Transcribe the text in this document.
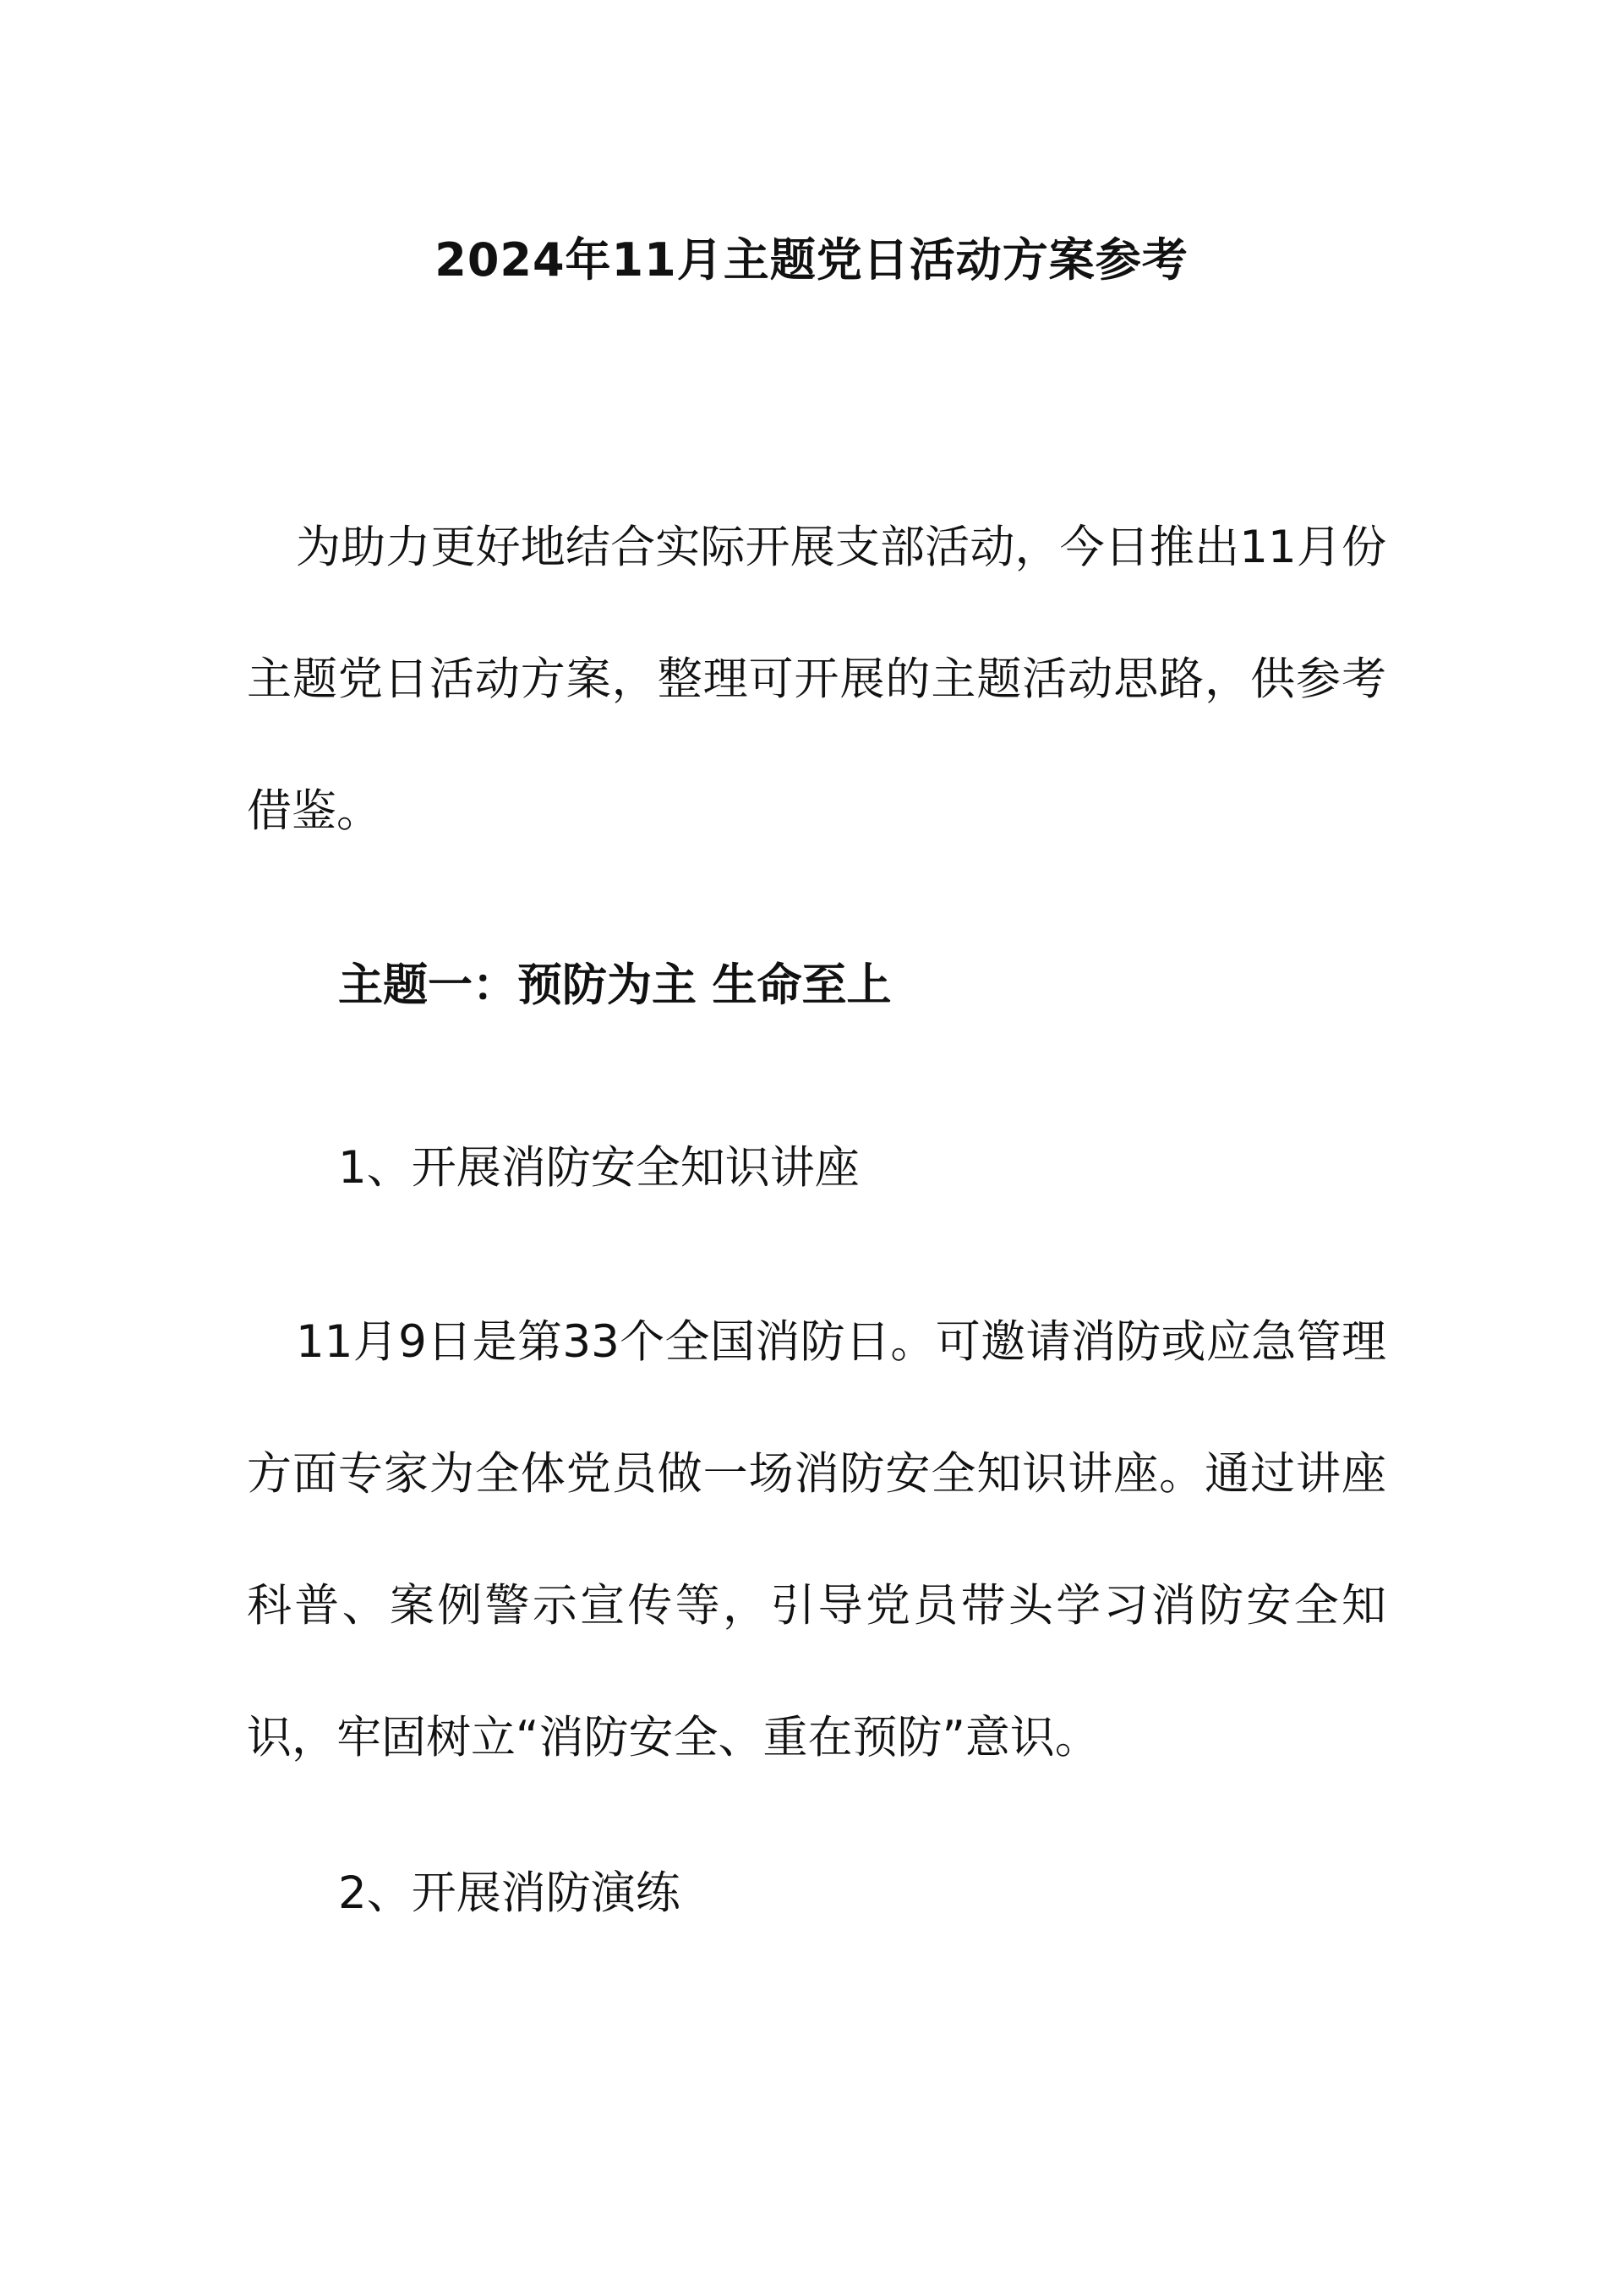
2024年11月主题党日活动方案参考

为助力更好地结合实际开展支部活动，今日推出11月份主题党日活动方案，整理可开展的主题活动思路，供参考借鉴。

主题一：预防为主 生命至上
1、开展消防安全知识讲座

11月9日是第33个全国消防日。可邀请消防或应急管理方面专家为全体党员做一场消防安全知识讲座。通过讲座科普、案例警示宣传等，引导党员带头学习消防安全知识，牢固树立“消防安全、重在预防”意识。

2、开展消防演练
